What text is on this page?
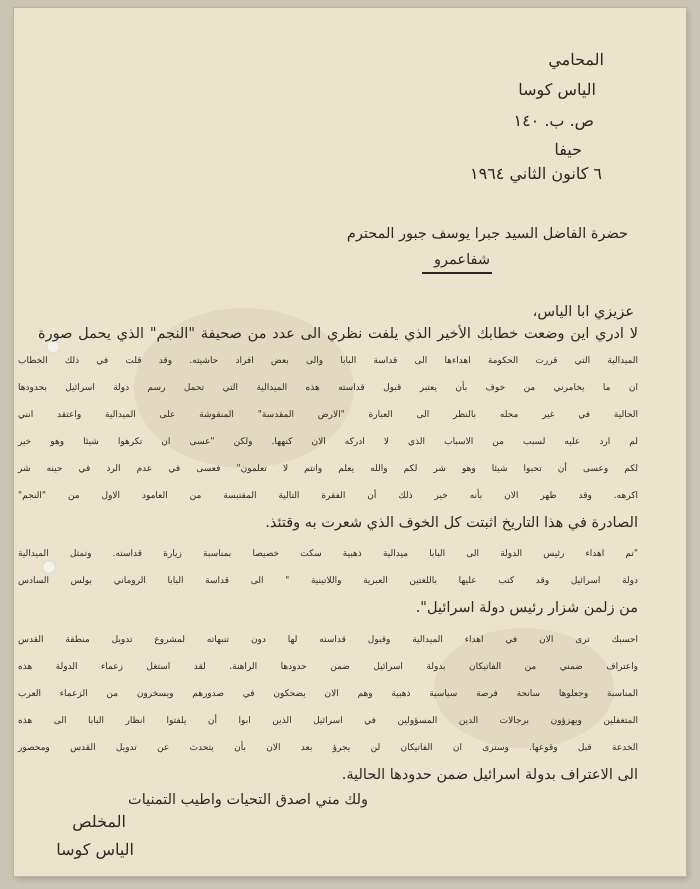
المحامي
الياس كوسا
ص. ب. ١٤٠
حيفا
٦ كانون الثاني ١٩٦٤
حضرة الفاضل السيد جبرا يوسف جبور المحترم
شفاعمرو
عزيزي ابا الياس،
لا ادري اين وضعت خطابك الأخير الذي يلفت نظري الى عدد من صحيفة "النجم" الذي يحمل صورة
الميدالية التي قررت الحكومة اهداءها الى قداسة البابا والى بعض افراد حاشيته. وقد قلت في ذلك الخطاب
ان ما يخامرني من خوف بأن يعتبر قبول قداسته هذه الميدالية التي تحمل رسم دولة اسرائيل بحدودها
الحالية في غير محله بالنظر الى العبارة "الارض المقدسة" المنقوشة على الميدالية واعتقد انني
لم ارد عليه لسبب من الاسباب الذي لا ادركه الان كنهها. ولكن "عسى ان تكرهوا شيئا وهو خير
لكم وعسى أن تحبوا شيئا وهو شر لكم والله يعلم وانتم لا تعلمون" فعسى في عدم الرد في حينه شر
اكرهه. وقد ظهر الان بأنه خير ذلك أن الفقرة التالية المقتبسة من العامود الاول من "النجم"
الصادرة في هذا التاريخ اثبتت كل الخوف الذي شعرت به وقتئذ.
"تم اهداء رئيس الدولة الى البابا ميدالية ذهبية سكت خصيصا بمناسبة زيارة قداسته. وتمثل الميدالية
دولة اسرائيل وقد كتب عليها باللغتين العبرية واللاتينية " الى قداسة البابا الروماني بولس السادس
من زلمن شزار رئيس دولة اسرائيل".
احسبك ترى الان في اهداء الميدالية وقبول قداسته لها دون تنبهاته لمشروع تدويل منطقة القدس
واعتراف ضمني من الفاتيكان بدولة اسرائيل ضمن حدودها الراهنة. لقد استغل زعماء الدولة هذه
المناسبة وجعلوها سانحة فرصة سياسية ذهبية وهم الان يضحكون في صدورهم ويسخرون من الزعماء العرب
المتغفلين ويهزؤون برجالات الدين المسؤولين في اسرائيل الذين ابوا أن يلفتوا انظار البابا الى هذه
الخدعة قبل وقوعها. وسترى ان الفاتيكان لن يجرؤ بعد الان بأن يتحدث عن تدويل القدس ومحصور
الى الاعتراف بدولة اسرائيل ضمن حدودها الحالية.
ولك مني اصدق التحيات واطيب التمنيات
المخلص
الياس كوسا
